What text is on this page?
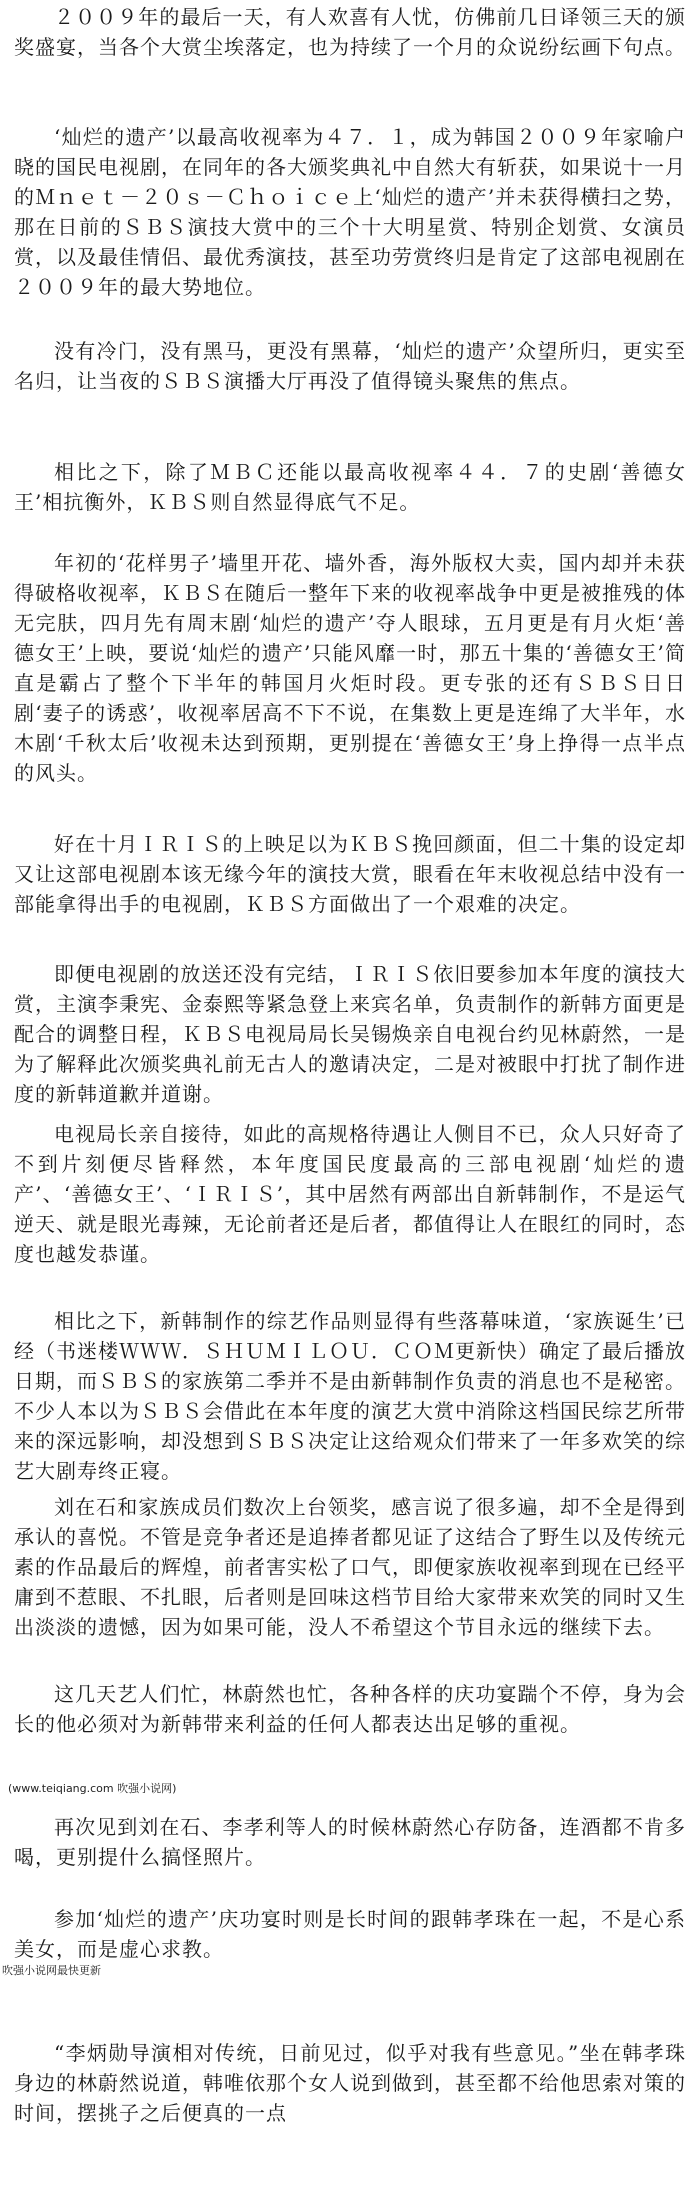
２００９年的最后一天，有人欢喜有人忧，仿佛前几日译领三天的颁奖盛宴，当各个大赏尘埃落定，也为持续了一个月的众说纷纭画下句点。

‘灿烂的遗产’以最高收视率为４７．１，成为韩国２００９年家喻户晓的国民电视剧，在同年的各大颁奖典礼中自然大有斩获，如果说十一月的Ｍｎｅｔ－２０ｓ－Ｃｈｏｉｃｅ上‘灿烂的遗产’并未获得横扫之势，那在日前的ＳＢＳ演技大赏中的三个十大明星赏、特别企划赏、女演员赏，以及最佳情侣、最优秀演技，甚至功劳赏终归是肯定了这部电视剧在２００９年的最大势地位。

没有冷门，没有黑马，更没有黑幕，‘灿烂的遗产’众望所归，更实至名归，让当夜的ＳＢＳ演播大厅再没了值得镜头聚焦的焦点。

相比之下，除了ＭＢＣ还能以最高收视率４４．７的史剧‘善德女王’相抗衡外，ＫＢＳ则自然显得底气不足。

年初的‘花样男子’墙里开花、墙外香，海外版权大卖，国内却并未获得破格收视率，ＫＢＳ在随后一整年下来的收视率战争中更是被推残的体无完肤，四月先有周末剧‘灿烂的遗产’夺人眼球，五月更是有月火炬‘善德女王’上映，要说‘灿烂的遗产’只能风靡一时，那五十集的‘善德女王’简直是霸占了整个下半年的韩国月火炬时段。更专张的还有ＳＢＳ日日剧‘妻子的诱惑’，收视率居高不下不说，在集数上更是连绵了大半年，水木剧‘千秋太后’收视未达到预期，更别提在‘善德女王’身上挣得一点半点的风头。

好在十月ＩＲＩＳ的上映足以为ＫＢＳ挽回颜面，但二十集的设定却又让这部电视剧本该无缘今年的演技大赏，眼看在年末收视总结中没有一部能拿得出手的电视剧，ＫＢＳ方面做出了一个艰难的决定。

即便电视剧的放送还没有完结，ＩＲＩＳ依旧要参加本年度的演技大赏，主演李秉宪、金泰熙等紧急登上来宾名单，负责制作的新韩方面更是配合的调整日程，ＫＢＳ电视局局长吴锡焕亲自电视台约见林蔚然，一是为了解释此次颁奖典礼前无古人的邀请决定，二是对被眼中打扰了制作进度的新韩道歉并道谢。

电视局长亲自接待，如此的高规格待遇让人侧目不已，众人只好奇了不到片刻便尽皆释然，本年度国民度最高的三部电视剧‘灿烂的遗产’、‘善德女王’、‘ＩＲＩＳ’，其中居然有两部出自新韩制作，不是运气逆天、就是眼光毒辣，无论前者还是后者，都值得让人在眼红的同时，态度也越发恭谨。

相比之下，新韩制作的综艺作品则显得有些落幕味道，‘家族诞生’已经（书迷楼ＷＷＷ．ＳＨＵＭＩＬＯＵ．ＣＯＭ更新快）确定了最后播放日期，而ＳＢＳ的家族第二季并不是由新韩制作负责的消息也不是秘密。不少人本以为ＳＢＳ会借此在本年度的演艺大赏中消除这档国民综艺所带来的深远影响，却没想到ＳＢＳ决定让这给观众们带来了一年多欢笑的综艺大剧寿终正寝。

刘在石和家族成员们数次上台领奖，感言说了很多遍，却不全是得到承认的喜悦。不管是竞争者还是追捧者都见证了这结合了野生以及传统元素的作品最后的辉煌，前者害实松了口气，即便家族收视率到现在已经平庸到不惹眼、不扎眼，后者则是回味这档节目给大家带来欢笑的同时又生出淡淡的遗憾，因为如果可能，没人不希望这个节目永远的继续下去。

这几天艺人们忙，林蔚然也忙，各种各样的庆功宴踹个不停，身为会长的他必须对为新韩带来利益的任何人都表达出足够的重视。

(www.teiqiang.com 吹强小说网)

再次见到刘在石、李孝利等人的时候林蔚然心存防备，连酒都不肯多喝，更别提什么搞怪照片。

参加‘灿烂的遗产’庆功宴时则是长时间的跟韩孝珠在一起，不是心系美女，而是虚心求教。

吹强小说网最快更新

“李炳勋导演相对传统，日前见过，似乎对我有些意见。”坐在韩孝珠身边的林蔚然说道，韩唯依那个女人说到做到，甚至都不给他思索对策的时间，摆挑子之后便真的一点
